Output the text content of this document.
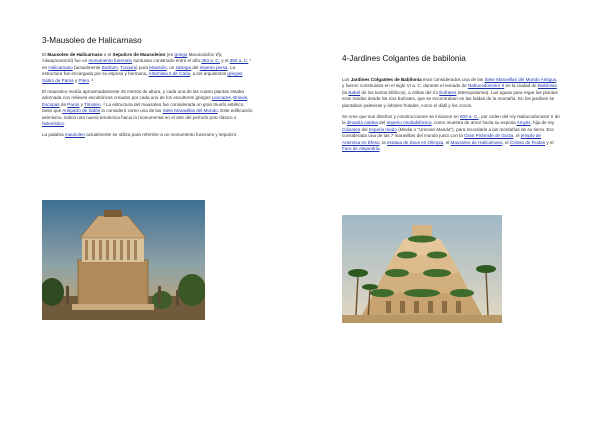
3-Mausoleo de Halicarnaso

El Mausoleo de Halicarnaso o el Sepulcro de Mausoleion (en griego Μαυσωλεῖον τῆς Ἁλικαρνασσοῦ) fue un monumento funerario suntuoso construido entre el año 353 a. C. y el 350 a. C. ¹ en Halicarnaso (actualmente Bodrum, Turquía) para Mausolo, un sátrapa del imperio persa. La estructura fue encargada por su esposa y hermana, Artemisia II de Caria, a los arquitectos griegos Sátiro de Paros y Piteo. ²

El mausoleo medía aproximadamente 46 metros de altura, y cada una de las cuatro plantas estaba adornada con relieves escultóricos creados por cada uno de los escultores griegos Leocares, Briaxis, Escopas de Paros y Timoteo. ³ La estructura del mausoleo fue considerada un gran triunfo estético, tanto que Antípatro de Sidón lo consideró como una de las Siete Maravillas del Mundo. Este edificación, asimismo, indica una nueva tendencia hacia lo monumental en el arte del período pos-clásico o helenístico.

La palabra mausoleo actualmente se utiliza para referirse a un monumento funerario y sepulcro.

4-Jardines Colgantes de babilonia

Los Jardines Colgantes de Babilonia eran considerados una de las Siete Maravillas del Mundo Antiguo, y fueron construidos en el siglo VI a. C. durante el reinado de Nabucodonosor II en la ciudad de Babilonia (la Babel de los textos bíblicos), a orillas del río Éufrates (Mesopotamia). Las aguas para regar las plantas eran traídas desde los ríos Éufrates, que se encontraban en las faldas de la montaña. En los jardines se plantaban palmeras y árboles frutales, como el dátil y los cocos.

Se cree que sus diseños y construcciones se iniciaron en 600 a. C., por orden del rey Nabucodonosor II de la dinastía caldea del Imperio neobabilónico, como muestra de amor hacia su esposa Amytis, hija de rey Ciáxares del Imperio medo (Media o "Umman Manda"), para recordarle a las montañas de su tierra. Era considerada una de las 7 maravillas del mundo junto con la Gran Pirámide de Guiza, el templo de Artemisa en Éfeso, la estatua de Zeus en Olimpia, el Mausoleo de Halicarnaso, el Coloso de Rodas y el Faro de Alejandría.
